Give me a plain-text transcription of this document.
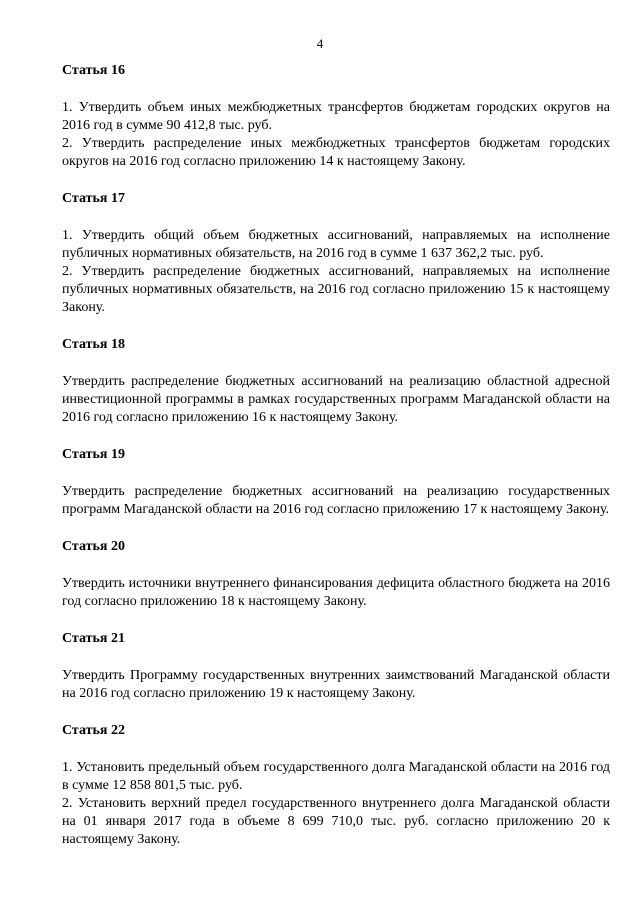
4
Статья 16

1. Утвердить объем иных межбюджетных трансфертов бюджетам городских округов на 2016 год в сумме 90 412,8 тыс. руб.

2. Утвердить распределение иных межбюджетных трансфертов бюджетам городских округов на 2016 год согласно приложению 14 к настоящему Закону.

Статья 17

1. Утвердить общий объем бюджетных ассигнований, направляемых на исполнение публичных нормативных обязательств, на 2016 год в сумме 1 637 362,2 тыс. руб.

2. Утвердить распределение бюджетных ассигнований, направляемых на исполнение публичных нормативных обязательств, на 2016 год согласно приложению 15 к настоящему Закону.

Статья 18

Утвердить распределение бюджетных ассигнований на реализацию областной адресной инвестиционной программы в рамках государственных программ Магаданской области на 2016 год согласно приложению 16 к настоящему Закону.

Статья 19

Утвердить распределение бюджетных ассигнований на реализацию государственных программ Магаданской области на 2016 год согласно приложению 17 к настоящему Закону.

Статья 20

Утвердить источники внутреннего финансирования дефицита областного бюджета на 2016 год согласно приложению 18 к настоящему Закону.

Статья 21

Утвердить Программу государственных внутренних заимствований Магаданской области на 2016 год согласно приложению 19 к настоящему Закону.

Статья 22

1. Установить предельный объем государственного долга Магаданской области на 2016 год в сумме 12 858 801,5 тыс. руб.

2. Установить верхний предел государственного внутреннего долга Магаданской области на 01 января 2017 года в объеме 8 699 710,0 тыс. руб. согласно приложению 20 к настоящему Закону.
